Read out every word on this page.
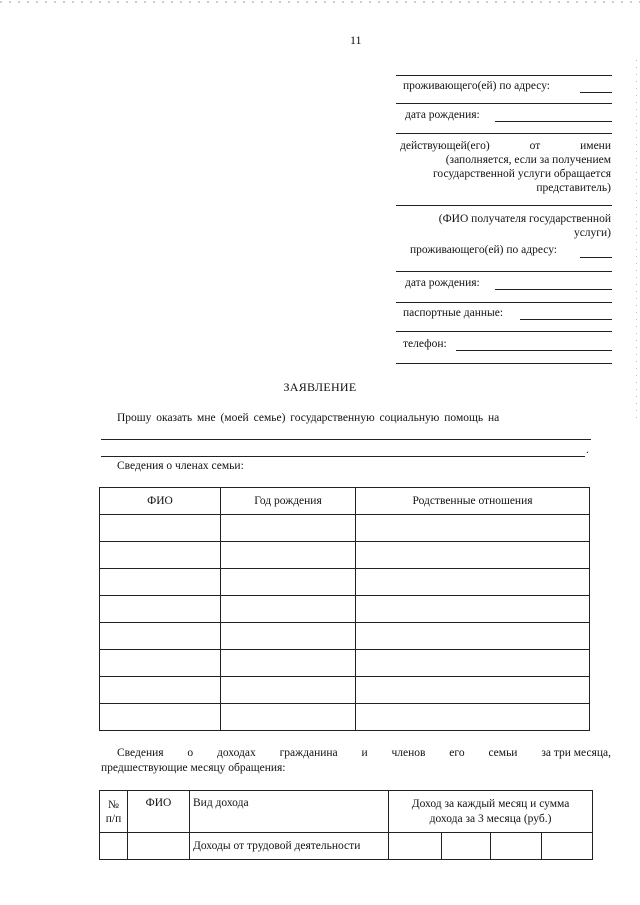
11
проживающего(ей) по адресу:
дата рождения:
действующей(его) от имени
(заполняется, если за получением
государственной услуги обращается
представитель)
(ФИО получателя государственной
услуги)
проживающего(ей) по адресу:
дата рождения:
паспортные данные:
телефон:
ЗАЯВЛЕНИЕ
Прошу оказать мне (моей семье) государственную социальную помощь на
.
Сведения о членах семьи:
ФИО	Год рождения	Родственные отношения

Сведения о доходах гражданина и членов его семьи за три месяца,
предшествующие месяцу обращения:
№ п/п	ФИО	Вид дохода	Доход за каждый месяц и сумма дохода за 3 месяца (руб.)			
		Доходы от трудовой деятельности				
